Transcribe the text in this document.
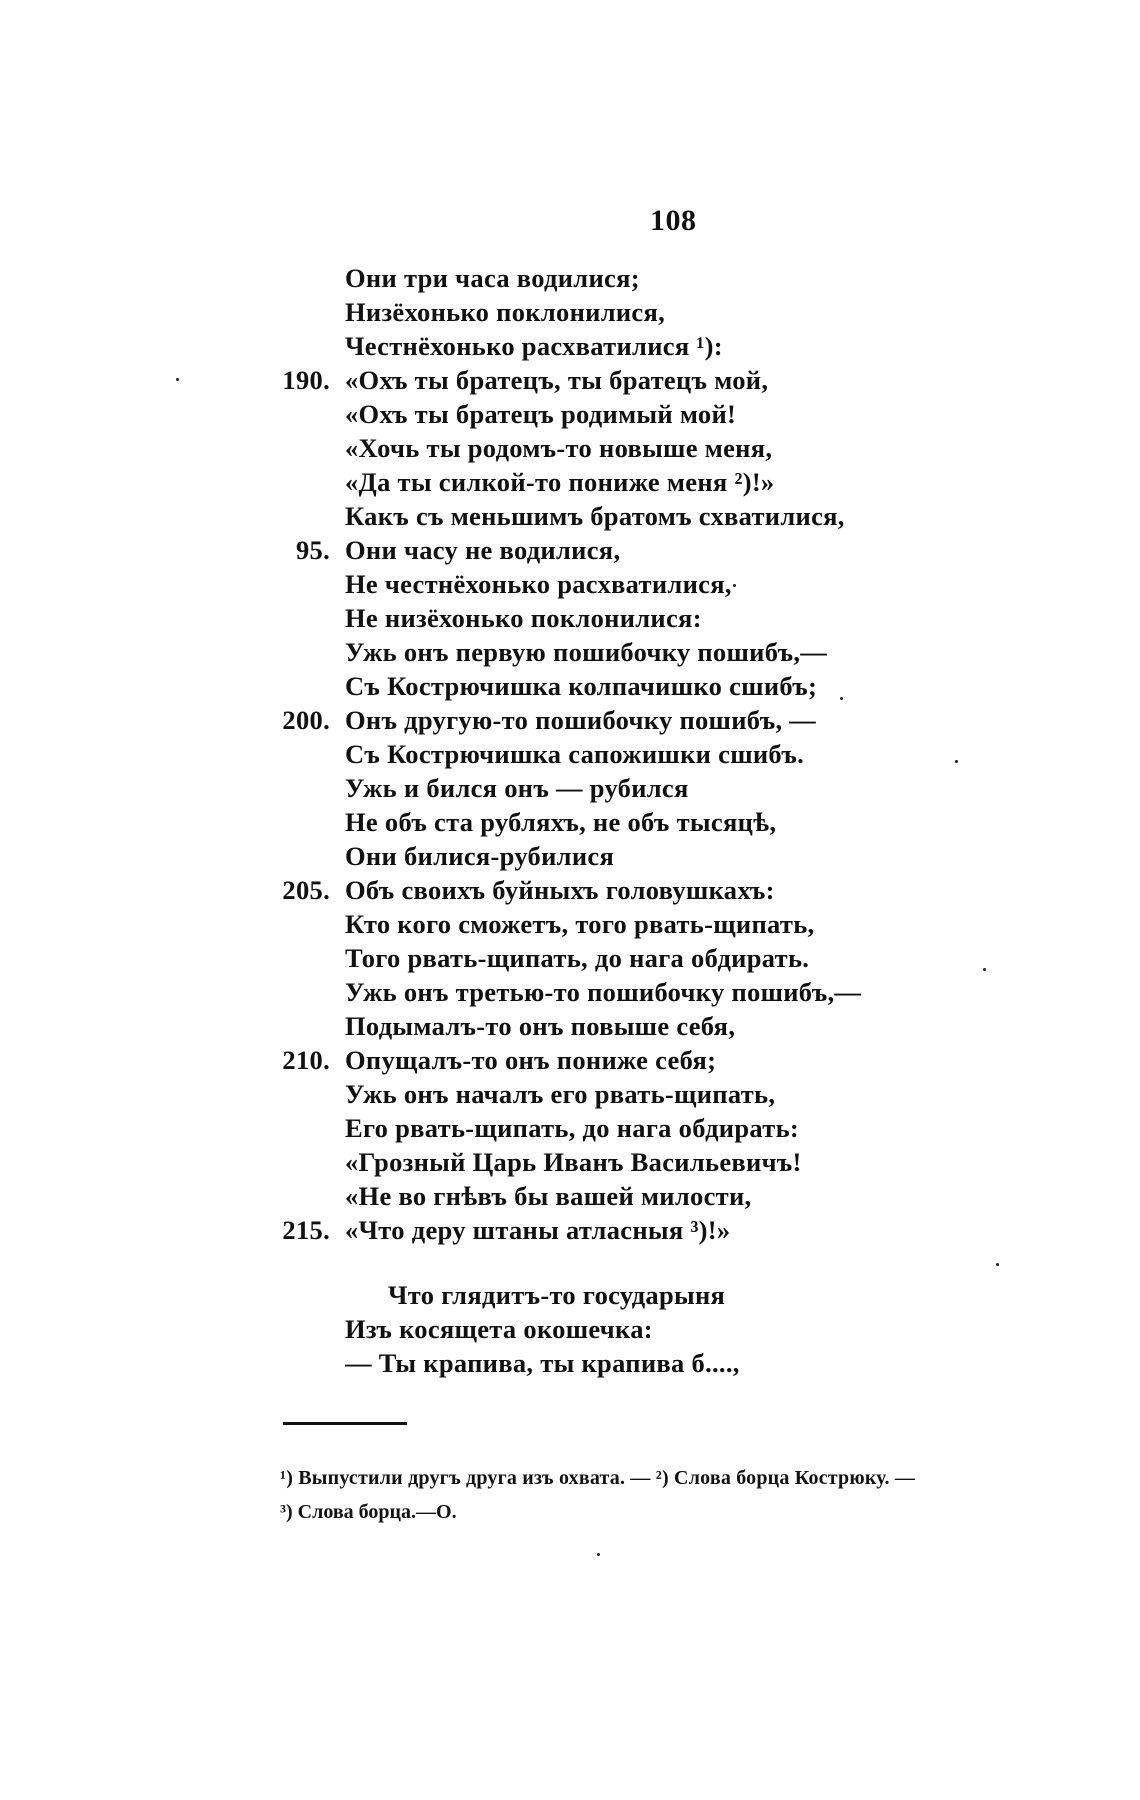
108
Они три часа водилися;
Низёхонько поклонилися,
Честнёхонько расхватилися ¹):
190. «Охъ ты братецъ, ты братецъ мой,
«Охъ ты братецъ родимый мой!
«Хочь ты родомъ-то новыше меня,
«Да ты силкой-то пониже меня ²)!»
Какъ съ меньшимъ братомъ схватилися,
95. Они часу не водилися,
Не честнёхонько расхватилися,
Не низёхонько поклонилися:
Ужь онъ первую пошибочку пошибъ,—
Съ Кострючишка колпачишко сшибъ;
200. Онъ другую-то пошибочку пошибъ, —
Съ Кострючишка сапожишки сшибъ.
Ужь и бился онъ — рубился
Не объ ста рубляхъ, не объ тысяцѣ,
Они билися-рубилися
205. Объ своихъ буйныхъ головушкахъ:
Кто кого сможетъ, того рвать-щипать,
Того рвать-щипать, до нага обдирать.
Ужь онъ третью-то пошибочку пошибъ,—
Подымалъ-то онъ повыше себя,
210. Опущалъ-то онъ пониже себя;
Ужь онъ началъ его рвать-щипать,
Его рвать-щипать, до нага обдирать:
«Грозный Царь Иванъ Васильевичъ!
«Не во гнѣвъ бы вашей милости,
215. «Что деру штаны атласныя ³)!»
Что глядитъ-то государыня
Изъ косящета окошечка:
— Ты крапива, ты крапива б....,
¹) Выпустили другъ друга изъ охвата. — ²) Слова борца Кострюку. —
³) Слова борца.—О.
